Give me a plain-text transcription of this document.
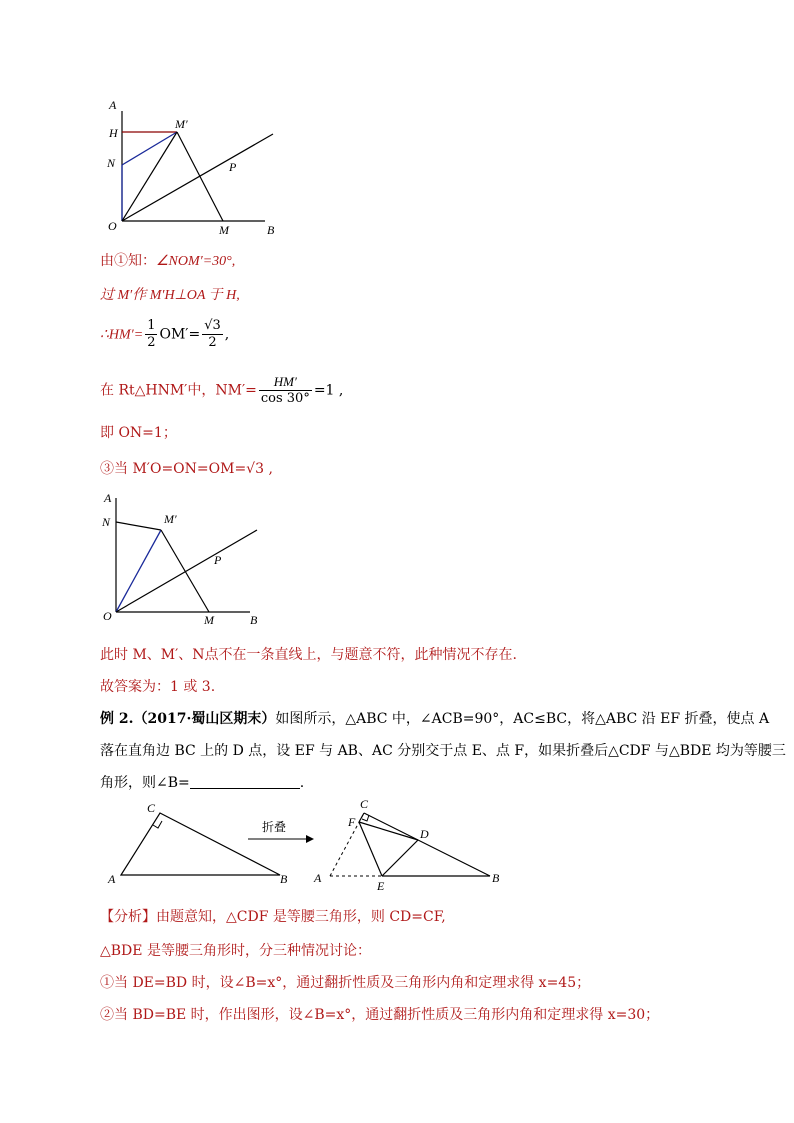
A
H
N
O	M	B
M′
P
由①知：∠NOM′=30°,
过 M′作 M′H⊥OA 于 H,
∴HM′= $\frac{1}{2} OM'= \frac{√3}{2}$ ,
在 Rt△HNM′中，$NM'= \frac{HM'}{\cos 30^\circ} =1$ ,
即 ON=1；
③当 M′O=ON=OM=√3 ,
A
N	M′
P
O	M	B
此时 M、M′、N点不在一条直线上，与题意不符，此种情况不存在.
故答案为：1 或 3.
例 2.（2017·蜀山区期末）如图所示，△ABC 中，∠ACB=90°，AC≤BC，将△ABC 沿 EF 折叠，使点 A
落在直角边 BC 上的 D 点，设 EF 与 AB、AC 分别交于点 E、点 F，如果折叠后△CDF 与△BDE 均为等腰三
角形，则∠B=	.
C
A	B
折叠
C
F
D
A
E
B
【分析】由题意知，△CDF 是等腰三角形，则 CD=CF,
△BDE 是等腰三角形时，分三种情况讨论：
①当 DE=BD 时，设∠B=x°，通过翻折性质及三角形内角和定理求得 x=45；
②当 BD=BE 时，作出图形，设∠B=x°，通过翻折性质及三角形内角和定理求得 x=30；
